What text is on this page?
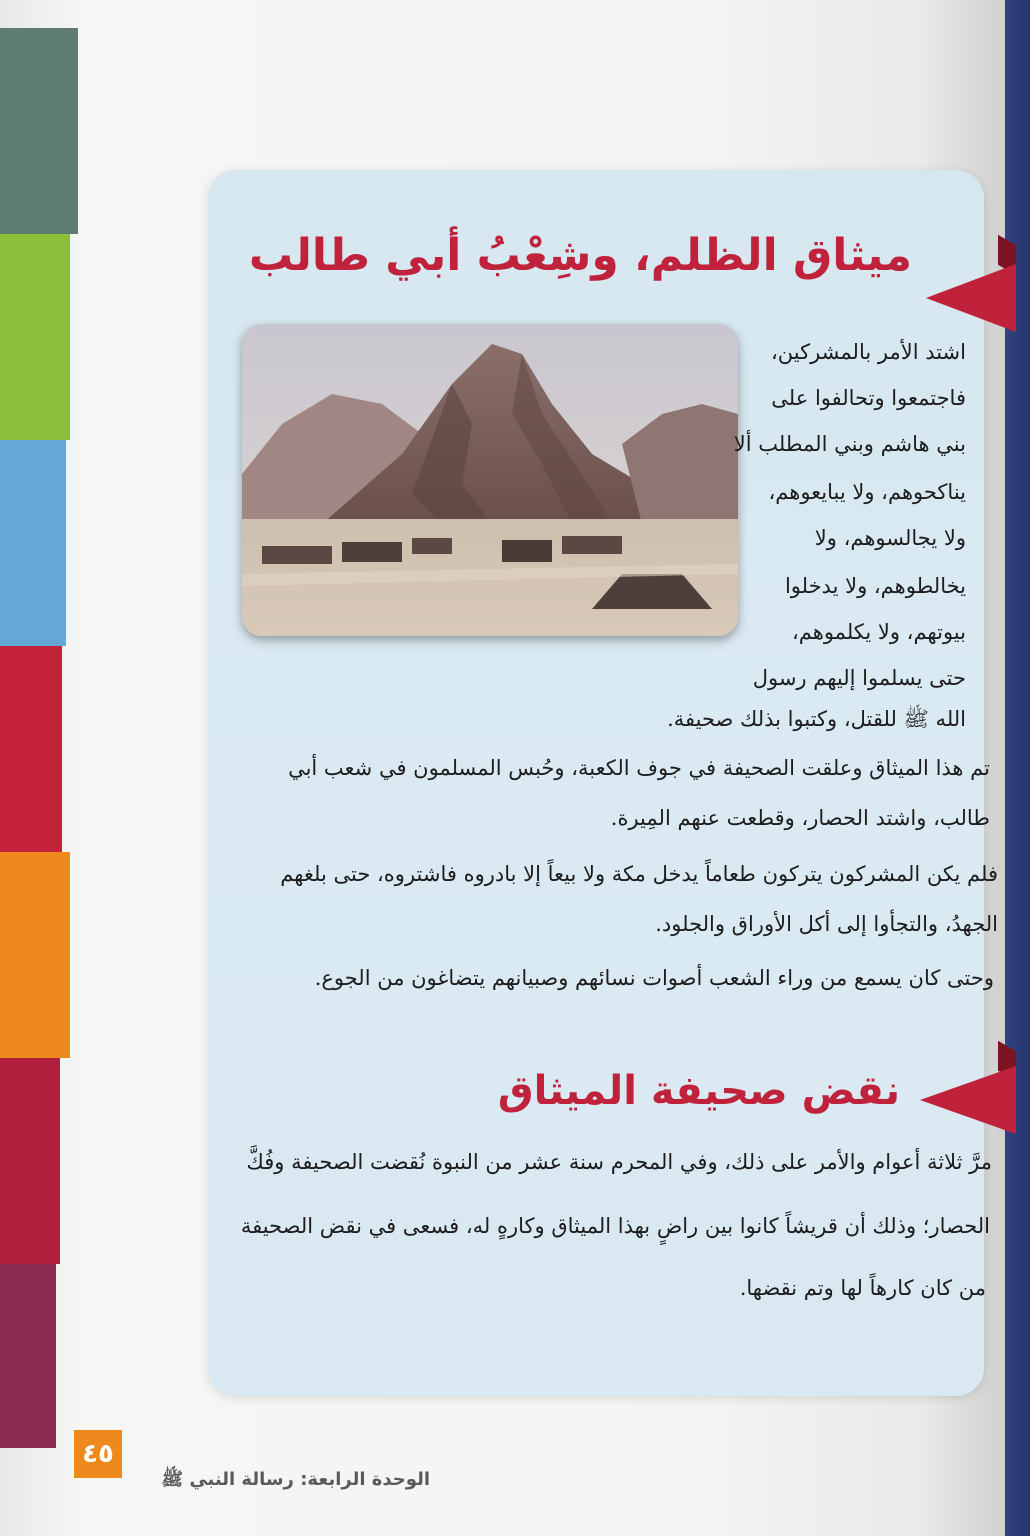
ميثاق الظلم، وشِعْبُ أبي طالب
اشتد الأمر بالمشركين،
فاجتمعوا وتحالفوا على
بني هاشم وبني المطلب ألا
يناكحوهم، ولا يبايعوهم،
ولا يجالسوهم، ولا
يخالطوهم، ولا يدخلوا
بيوتهم، ولا يكلموهم،
حتى يسلموا إليهم رسول
الله ﷺ للقتل، وكتبوا بذلك صحيفة.
تم هذا الميثاق وعلقت الصحيفة في جوف الكعبة، وحُبس المسلمون في شعب أبي
طالب، واشتد الحصار، وقطعت عنهم المِيرة.
فلم يكن المشركون يتركون طعاماً يدخل مكة ولا بيعاً إلا بادروه فاشتروه، حتى بلغهم
الجهدُ، والتجأوا إلى أكل الأوراق والجلود.
وحتى كان يسمع من وراء الشعب أصوات نسائهم وصبيانهم يتضاغون من الجوع.
نقض صحيفة الميثاق
مرَّ ثلاثة أعوام والأمر على ذلك، وفي المحرم سنة عشر من النبوة نُقضت الصحيفة وفُكَّ
الحصار؛ وذلك أن قريشاً كانوا بين راضٍ بهذا الميثاق وكارهٍ له، فسعى في نقض الصحيفة
من كان كارهاً لها وتم نقضها.
٤٥
الوحدة الرابعة: رسالة النبي ﷺ
